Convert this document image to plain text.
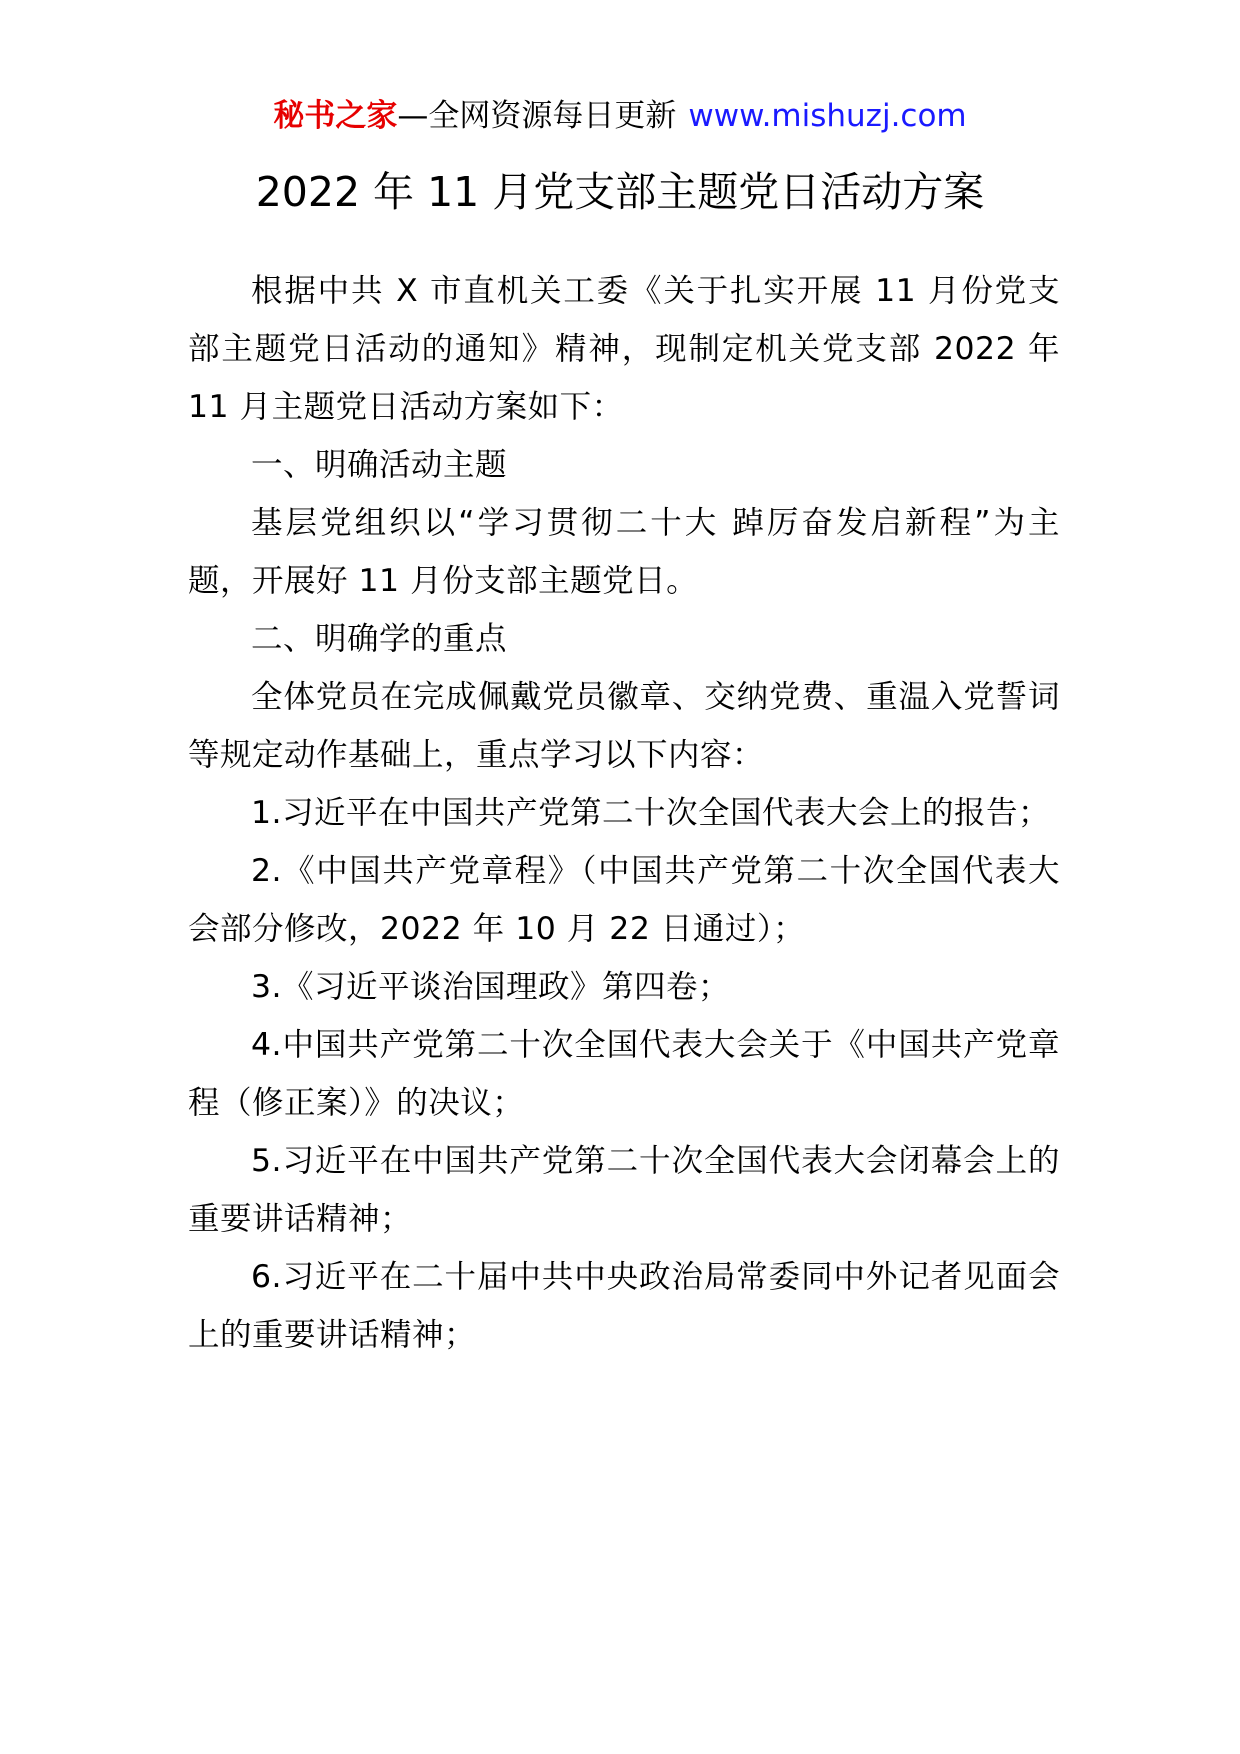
秘书之家—全网资源每日更新 www.mishuzj.com
2022 年 11 月党支部主题党日活动方案

根据中共 X 市直机关工委《关于扎实开展 11 月份党支部主题党日活动的通知》精神，现制定机关党支部 2022 年 11 月主题党日活动方案如下：

一、明确活动主题

基层党组织以“学习贯彻二十大 踔厉奋发启新程”为主题，开展好 11 月份支部主题党日。

二、明确学的重点

全体党员在完成佩戴党员徽章、交纳党费、重温入党誓词等规定动作基础上，重点学习以下内容：

1.习近平在中国共产党第二十次全国代表大会上的报告；

2.《中国共产党章程》（中国共产党第二十次全国代表大会部分修改，2022 年 10 月 22 日通过）；

3.《习近平谈治国理政》第四卷；

4.中国共产党第二十次全国代表大会关于《中国共产党章程（修正案）》的决议；

5.习近平在中国共产党第二十次全国代表大会闭幕会上的重要讲话精神；

6.习近平在二十届中共中央政治局常委同中外记者见面会上的重要讲话精神；
